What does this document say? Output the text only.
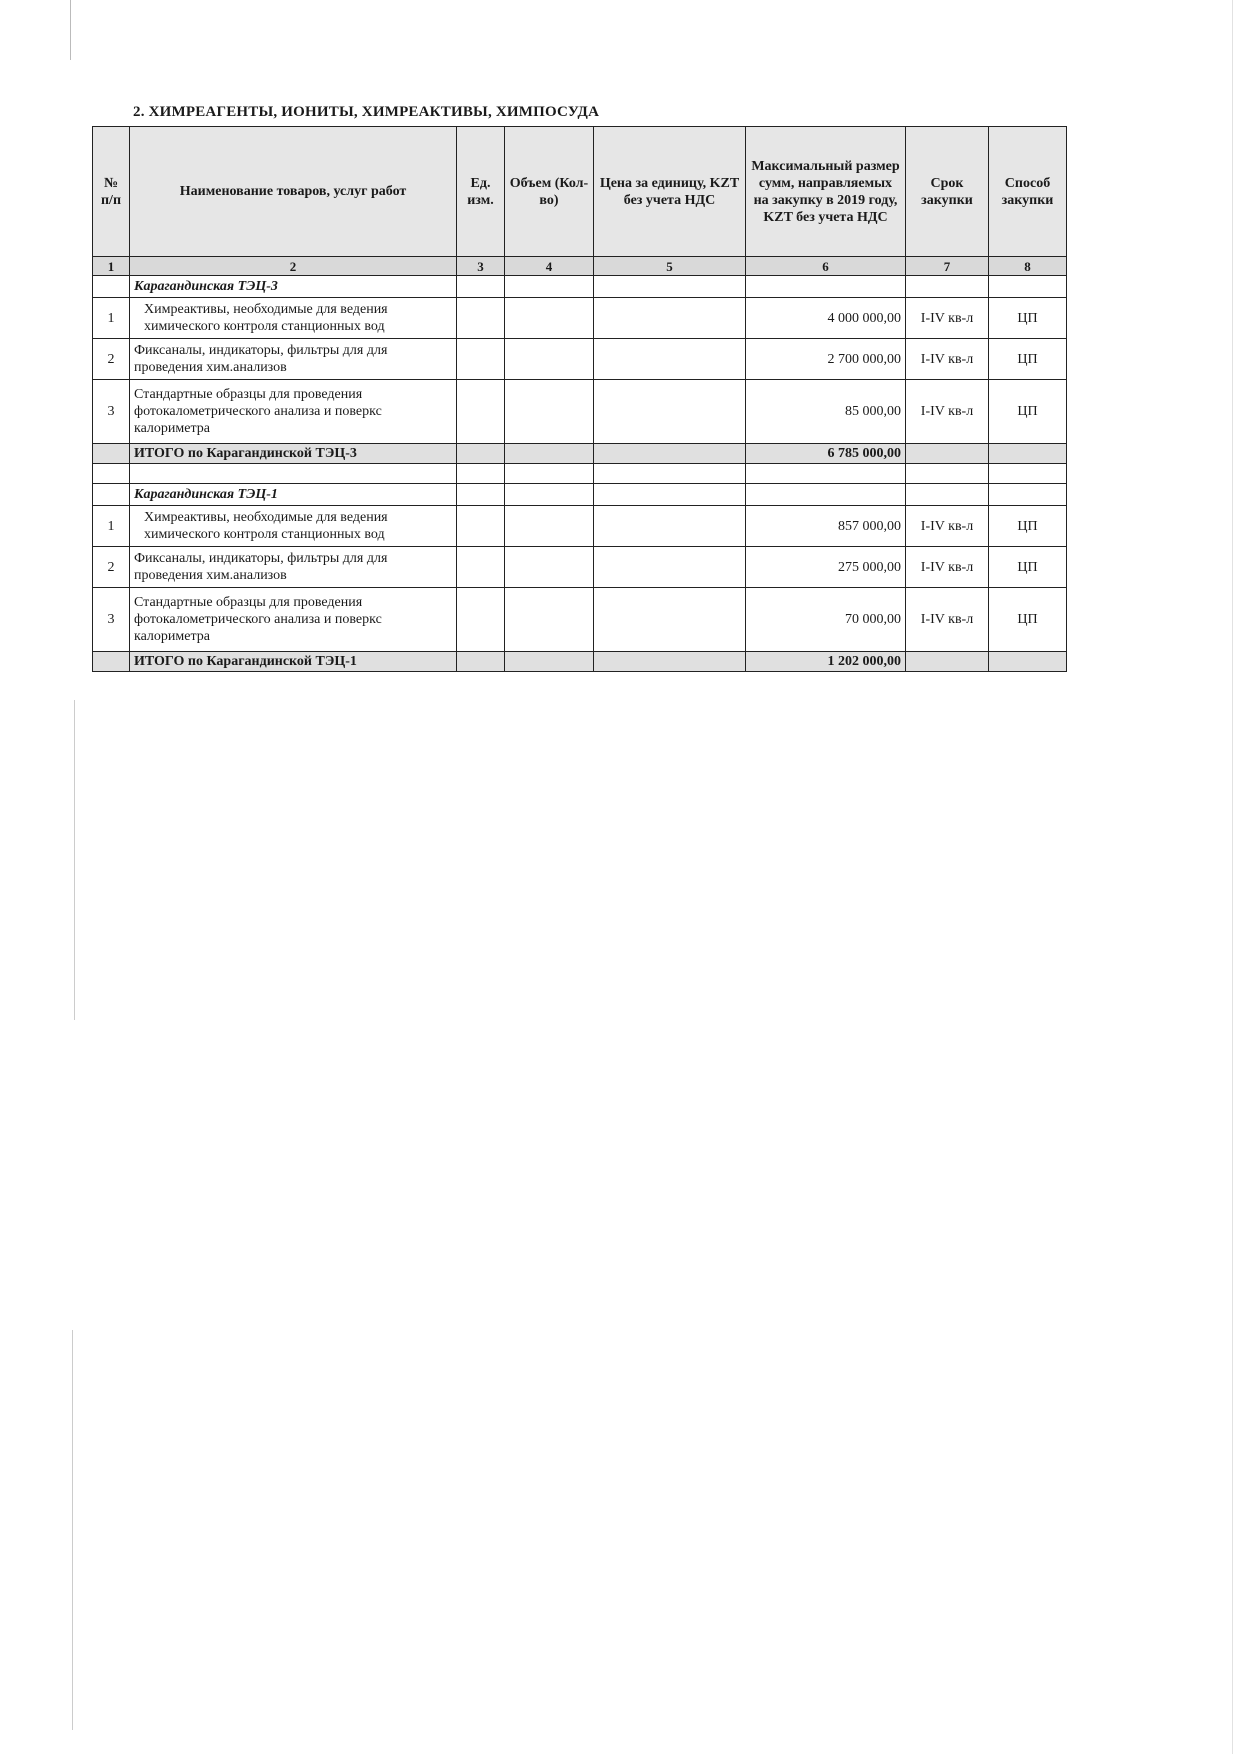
2. ХИМРЕАГЕНТЫ, ИОНИТЫ, ХИМРЕАКТИВЫ, ХИМПОСУДА
№ п/п	Наименование товаров, услуг работ	Ед. изм.	Объем (Кол-во)	Цена за единицу, KZT без учета НДС	Максимальный размер сумм, направляемых на закупку в 2019 году, KZT без учета НДС	Срок закупки	Способ закупки
1	2	3	4	5	6	7	8
	Карагандинская ТЭЦ-3						
1	Химреактивы, необходимые для ведения химического контроля станционных вод				4 000 000,00	I-IV кв-л	ЦП
2	Фиксаналы, индикаторы, фильтры для для проведения хим.анализов				2 700 000,00	I-IV кв-л	ЦП
3	Стандартные образцы для проведения фотокалометрического анализа и поверкс калориметра				85 000,00	I-IV кв-л	ЦП
	ИТОГО по Карагандинской ТЭЦ-3				6 785 000,00		

	Карагандинская ТЭЦ-1						
1	Химреактивы, необходимые для ведения химического контроля станционных вод				857 000,00	I-IV кв-л	ЦП
2	Фиксаналы, индикаторы, фильтры для для проведения хим.анализов				275 000,00	I-IV кв-л	ЦП
3	Стандартные образцы для проведения фотокалометрического анализа и поверкс калориметра				70 000,00	I-IV кв-л	ЦП
	ИТОГО по Карагандинской ТЭЦ-1				1 202 000,00		
